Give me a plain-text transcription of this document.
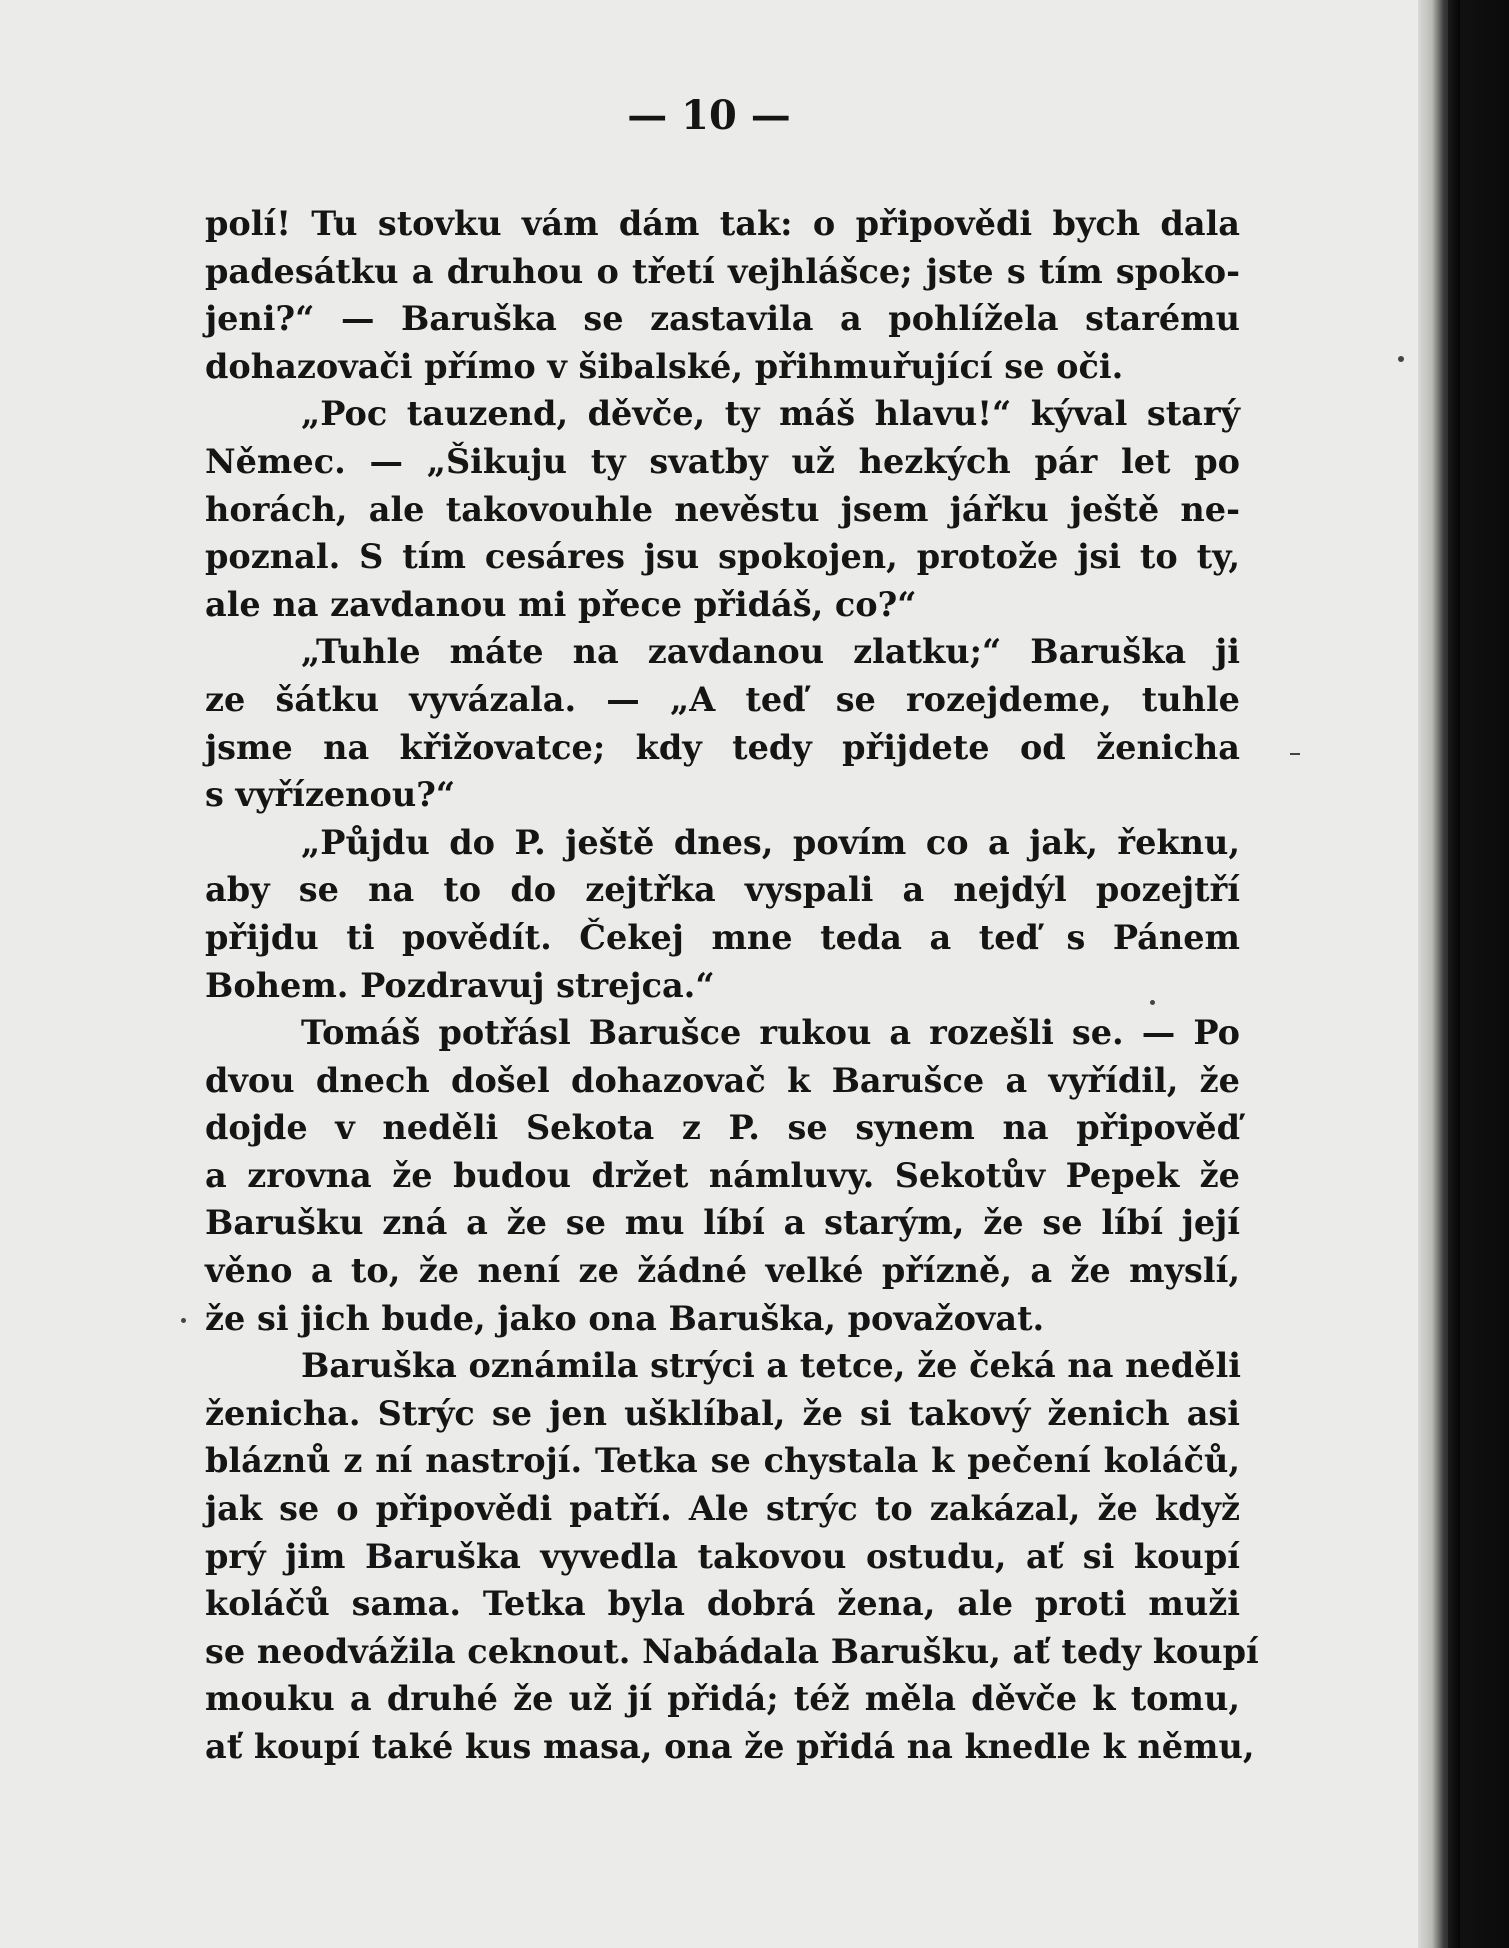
— 10 —
polí! Tu stovku vám dám tak: o připovědi bych dala
padesátku a druhou o třetí vejhlášce; jste s tím spoko-
jeni?“ — Baruška se zastavila a pohlížela starému
dohazovači přímo v šibalské, přihmuřující se oči.
„Poc tauzend, děvče, ty máš hlavu!“ kýval starý
Němec. — „Šikuju ty svatby už hezkých pár let po
horách, ale takovouhle nevěstu jsem jářku ještě ne-
poznal. S tím cesáres jsu spokojen, protože jsi to ty,
ale na zavdanou mi přece přidáš, co?“
„Tuhle máte na zavdanou zlatku;“ Baruška ji
ze šátku vyvázala. — „A teď se rozejdeme, tuhle
jsme na křižovatce; kdy tedy přijdete od ženicha
s vyřízenou?“
„Půjdu do P. ještě dnes, povím co a jak, řeknu,
aby se na to do zejtřka vyspali a nejdýl pozejtří
přijdu ti povědít. Čekej mne teda a teď s Pánem
Bohem. Pozdravuj strejca.“
Tomáš potřásl Barušce rukou a rozešli se. — Po
dvou dnech došel dohazovač k Barušce a vyřídil, že
dojde v neděli Sekota z P. se synem na připověď
a zrovna že budou držet námluvy. Sekotův Pepek že
Barušku zná a že se mu líbí a starým, že se líbí její
věno a to, že není ze žádné velké přízně, a že myslí,
že si jich bude, jako ona Baruška, považovat.
Baruška oznámila strýci a tetce, že čeká na neděli
ženicha. Strýc se jen ušklíbal, že si takový ženich asi
bláznů z ní nastrojí. Tetka se chystala k pečení koláčů,
jak se o připovědi patří. Ale strýc to zakázal, že když
prý jim Baruška vyvedla takovou ostudu, ať si koupí
koláčů sama. Tetka byla dobrá žena, ale proti muži
se neodvážila ceknout. Nabádala Barušku, ať tedy koupí
mouku a druhé že už jí přidá; též měla děvče k tomu,
ať koupí také kus masa, ona že přidá na knedle k němu,
